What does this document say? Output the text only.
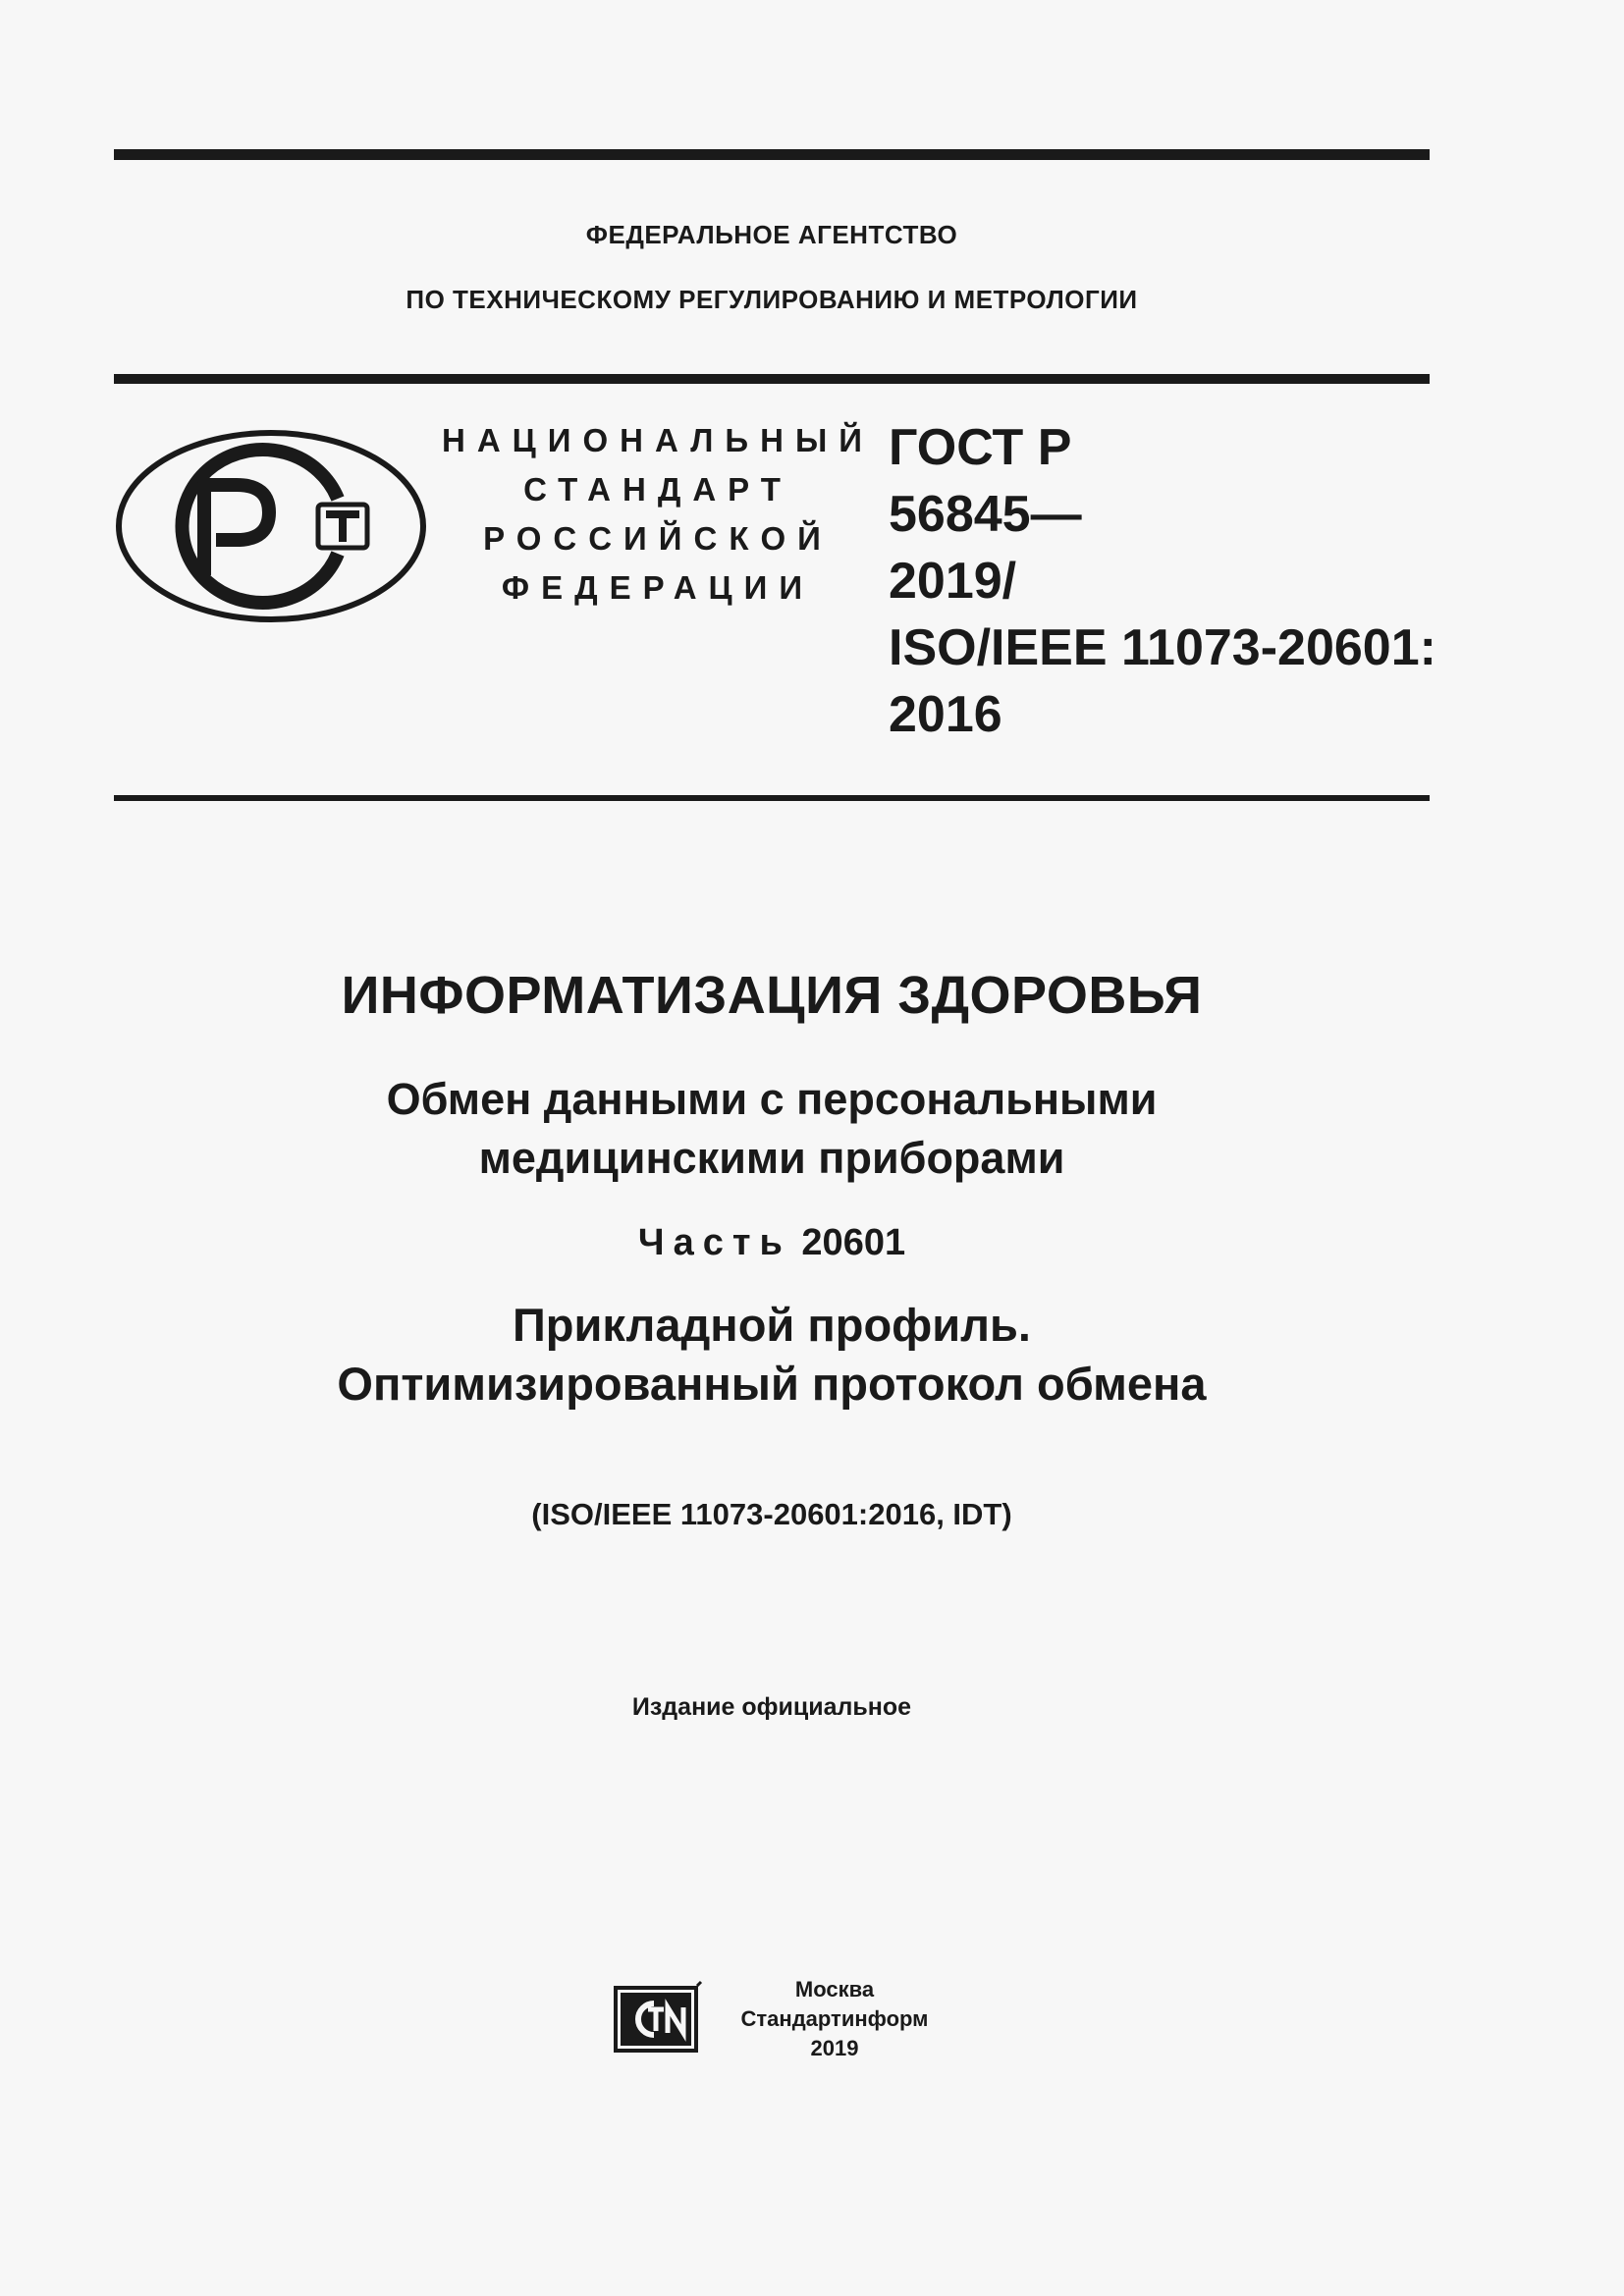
ФЕДЕРАЛЬНОЕ АГЕНТСТВО
ПО ТЕХНИЧЕСКОМУ РЕГУЛИРОВАНИЮ И МЕТРОЛОГИИ
НАЦИОНАЛЬНЫЙ
СТАНДАРТ
РОССИЙСКОЙ
ФЕДЕРАЦИИ
ГОСТ Р
56845—
2019/
ISO/IEEE 11073-20601:
2016
ИНФОРМАТИЗАЦИЯ ЗДОРОВЬЯ
Обмен данными с персональными
медицинскими приборами
Часть 20601
Прикладной профиль.
Оптимизированный протокол обмена
(ISO/IEEE 11073-20601:2016, IDT)
Издание официальное
Москва
Стандартинформ
2019
